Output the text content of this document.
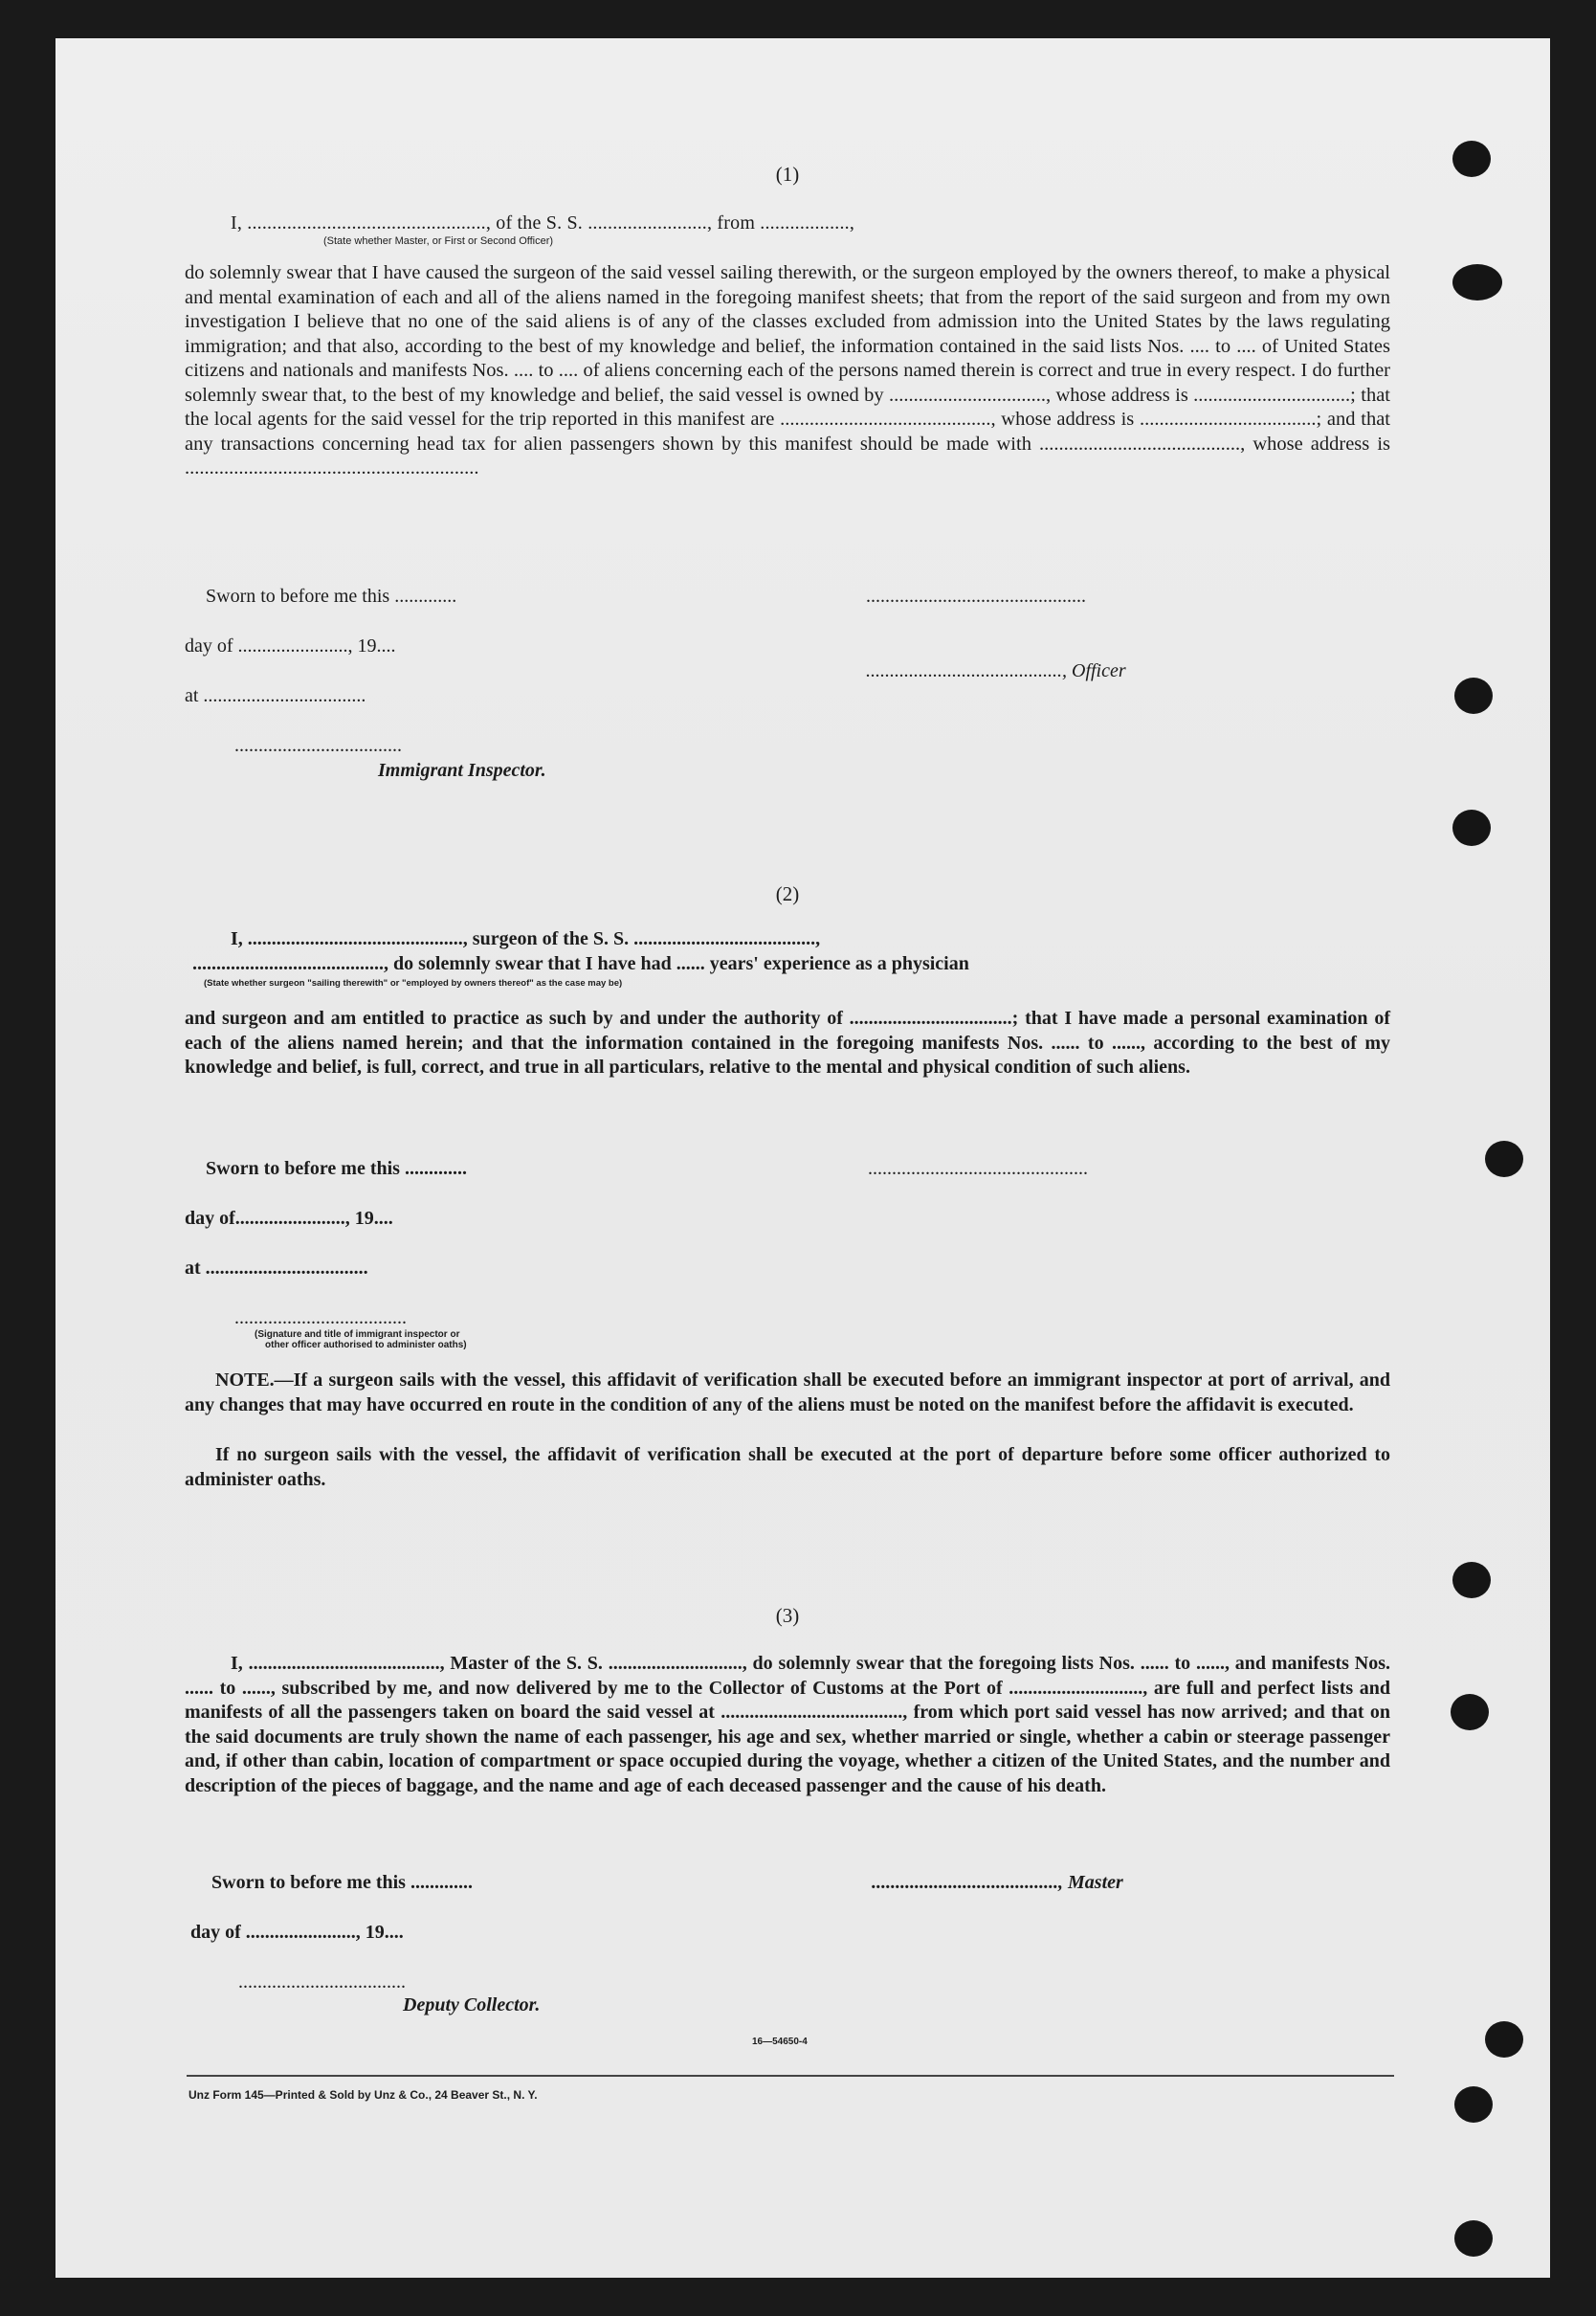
(1)
I, ................................................, of the S. S. ........................, from ..................,
(State whether Master, or First or Second Officer)
do solemnly swear that I have caused the surgeon of the said vessel sailing therewith, or the surgeon employed by the owners thereof, to make a physical and mental examination of each and all of the aliens named in the foregoing manifest sheets; that from the report of the said surgeon and from my own investigation I believe that no one of the said aliens is of any of the classes excluded from admission into the United States by the laws regulating immigration; and that also, according to the best of my knowledge and belief, the information contained in the said lists Nos. .... to .... of United States citizens and nationals and manifests Nos. .... to .... of aliens concerning each of the persons named therein is correct and true in every respect. I do further solemnly swear that, to the best of my knowledge and belief, the said vessel is owned by ................................, whose address is ................................; that the local agents for the said vessel for the trip reported in this manifest are ..........................................., whose address is ....................................; and that any transactions concerning head tax for alien passengers shown by this manifest should be made with ........................................., whose address is ............................................................
Sworn to before me this .............	..............................................
day of ......................., 19....
........................................., Officer
at ..................................
...................................
Immigrant Inspector.
(2)
I, ............................................., surgeon of the S. S. ......................................,
........................................, do solemnly swear that I have had ...... years' experience as a physician
(State whether surgeon "sailing therewith" or "employed by owners thereof" as the case may be)
and surgeon and am entitled to practice as such by and under the authority of ..................................; that I have made a personal examination of each of the aliens named herein; and that the information contained in the foregoing manifests Nos. ...... to ......, according to the best of my knowledge and belief, is full, correct, and true in all particulars, relative to the mental and physical condition of such aliens.
Sworn to before me this .............	..............................................
day of......................., 19....
at ..................................
....................................
(Signature and title of immigrant inspector or
other officer authorised to administer oaths)
NOTE.—If a surgeon sails with the vessel, this affidavit of verification shall be executed before an immigrant inspector at port of arrival, and any changes that may have occurred en route in the condition of any of the aliens must be noted on the manifest before the affidavit is executed.
If no surgeon sails with the vessel, the affidavit of verification shall be executed at the port of departure before some officer authorized to administer oaths.
(3)
I, ........................................, Master of the S. S. ............................, do solemnly swear that the foregoing lists Nos. ...... to ......, and manifests Nos. ...... to ......, subscribed by me, and now delivered by me to the Collector of Customs at the Port of ............................, are full and perfect lists and manifests of all the passengers taken on board the said vessel at ......................................, from which port said vessel has now arrived; and that on the said documents are truly shown the name of each passenger, his age and sex, whether married or single, whether a cabin or steerage passenger and, if other than cabin, location of compartment or space occupied during the voyage, whether a citizen of the United States, and the number and description of the pieces of baggage, and the name and age of each deceased passenger and the cause of his death.
Sworn to before me this .............	......................................., Master
day of ......................., 19....
...................................
Deputy Collector.
16—54650-4
Unz Form 145—Printed & Sold by Unz & Co., 24 Beaver St., N. Y.
